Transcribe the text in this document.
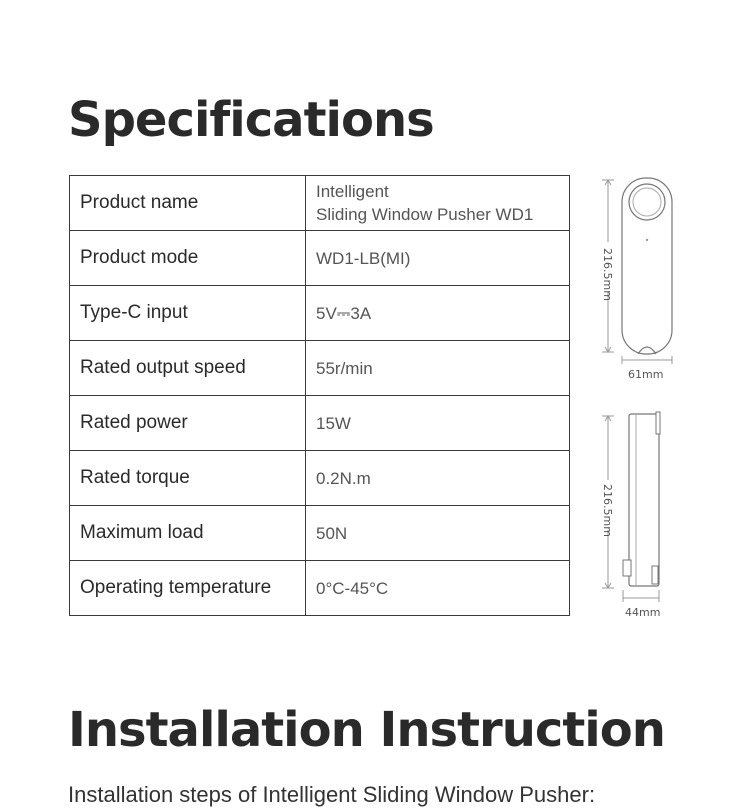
Specifications
Product name	Intelligent
Sliding Window Pusher WD1

Product mode	WD1-LB(MI)

Type-C input	5V⎓3A

Rated output speed	55r/min

Rated power	15W

Rated torque	0.2N.m

Maximum load	50N

Operating temperature	0°C-45°C
216.5mm
61mm
216.5mm
44mm
Installation Instruction
Installation steps of Intelligent Sliding Window Pusher:
